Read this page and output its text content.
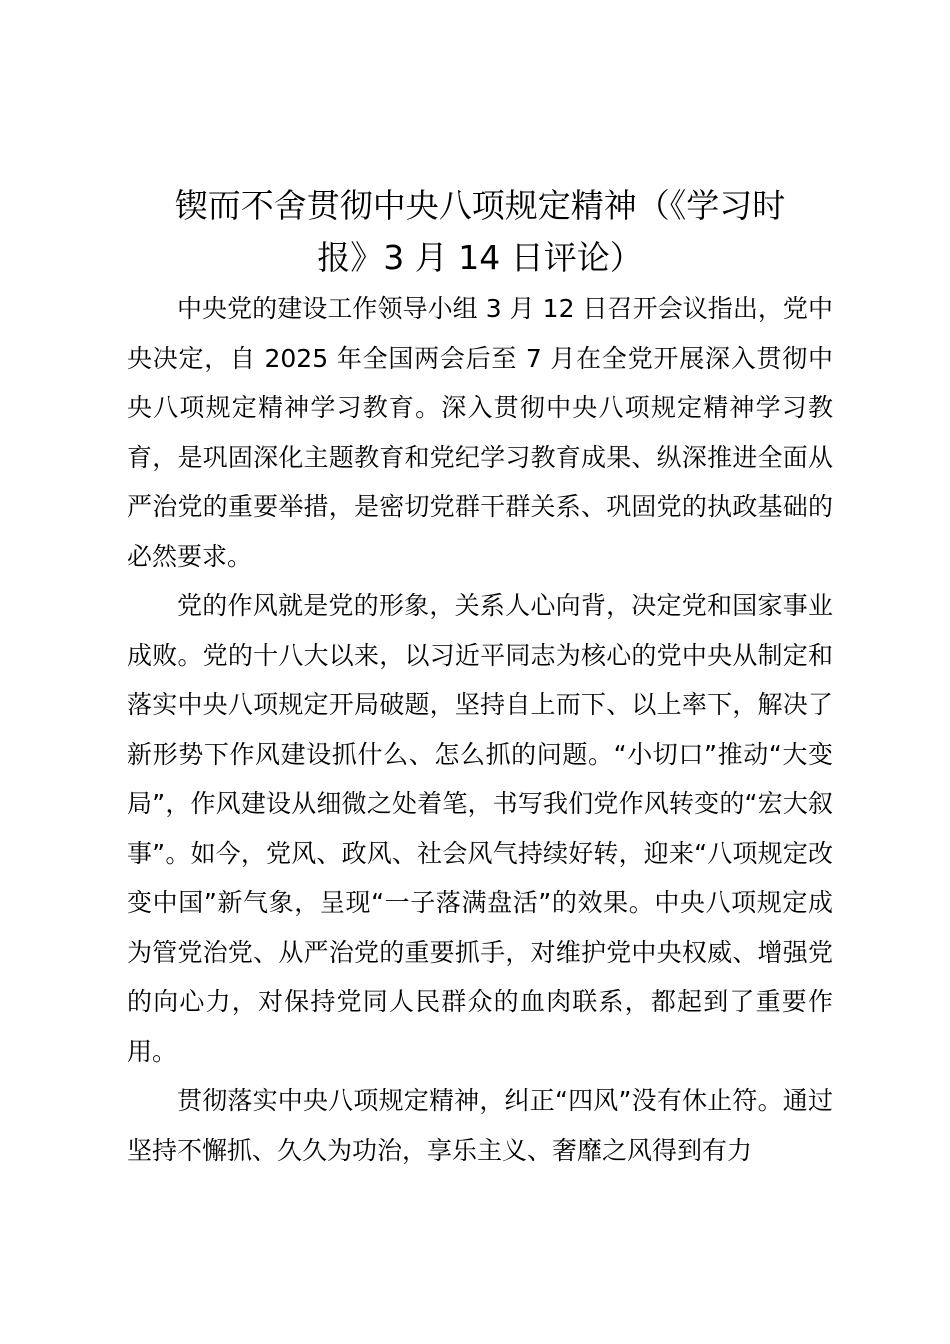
锲而不舍贯彻中央八项规定精神（《学习时
报》3 月 14 日评论）

中央党的建设工作领导小组 3 月 12 日召开会议指出，党中央决定，自 2025 年全国两会后至 7 月在全党开展深入贯彻中央八项规定精神学习教育。深入贯彻中央八项规定精神学习教育，是巩固深化主题教育和党纪学习教育成果、纵深推进全面从严治党的重要举措，是密切党群干群关系、巩固党的执政基础的必然要求。

党的作风就是党的形象，关系人心向背，决定党和国家事业成败。党的十八大以来，以习近平同志为核心的党中央从制定和落实中央八项规定开局破题，坚持自上而下、以上率下，解决了新形势下作风建设抓什么、怎么抓的问题。“小切口”推动“大变局”，作风建设从细微之处着笔，书写我们党作风转变的“宏大叙事”。如今，党风、政风、社会风气持续好转，迎来“八项规定改变中国”新气象，呈现“一子落满盘活”的效果。中央八项规定成为管党治党、从严治党的重要抓手，对维护党中央权威、增强党的向心力，对保持党同人民群众的血肉联系，都起到了重要作用。

贯彻落实中央八项规定精神，纠正“四风”没有休止符。通过坚持不懈抓、久久为功治，享乐主义、奢靡之风得到有力
